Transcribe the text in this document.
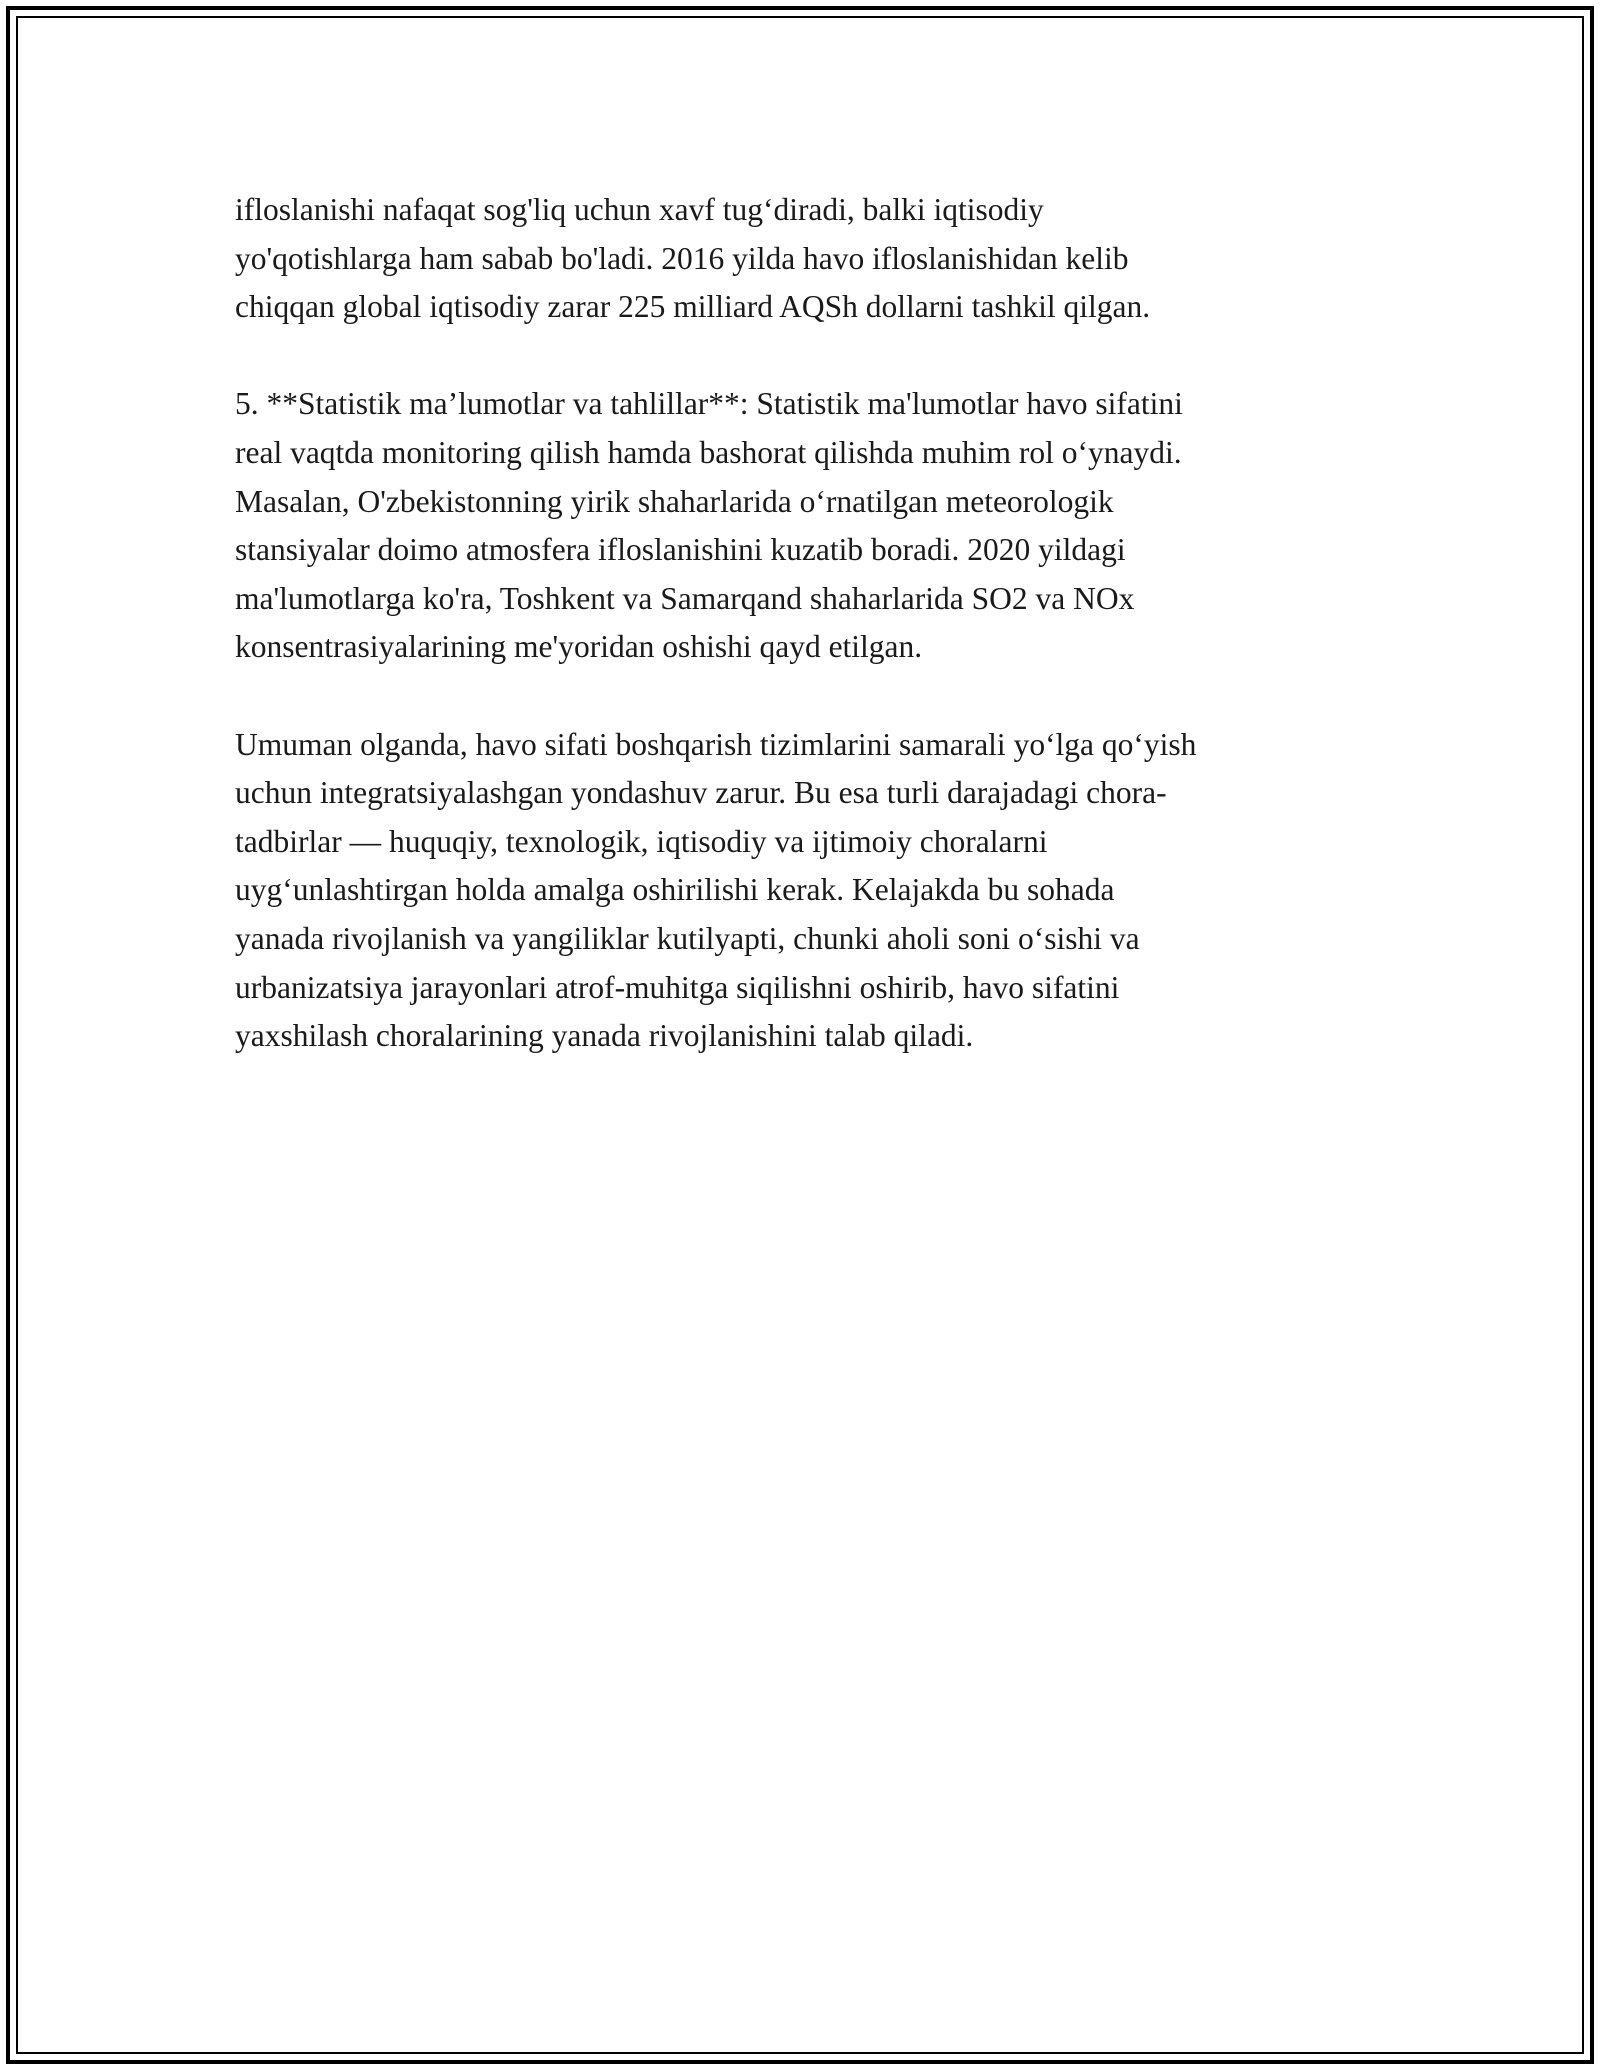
ifloslanishi nafaqat sog'liq uchun xavf tug‘diradi, balki iqtisodiy
yo'qotishlarga ham sabab bo'ladi. 2016 yilda havo ifloslanishidan kelib
chiqqan global iqtisodiy zarar 225 milliard AQSh dollarni tashkil qilgan.

5. **Statistik ma’lumotlar va tahlillar**: Statistik ma'lumotlar havo sifatini
real vaqtda monitoring qilish hamda bashorat qilishda muhim rol o‘ynaydi.
Masalan, O'zbekistonning yirik shaharlarida o‘rnatilgan meteorologik
stansiyalar doimo atmosfera ifloslanishini kuzatib boradi. 2020 yildagi
ma'lumotlarga ko'ra, Toshkent va Samarqand shaharlarida SO2 va NOx
konsentrasiyalarining me'yoridan oshishi qayd etilgan.

Umuman olganda, havo sifati boshqarish tizimlarini samarali yo‘lga qo‘yish
uchun integratsiyalashgan yondashuv zarur. Bu esa turli darajadagi chora-
tadbirlar — huquqiy, texnologik, iqtisodiy va ijtimoiy choralarni
uyg‘unlashtirgan holda amalga oshirilishi kerak. Kelajakda bu sohada
yanada rivojlanish va yangiliklar kutilyapti, chunki aholi soni o‘sishi va
urbanizatsiya jarayonlari atrof-muhitga siqilishni oshirib, havo sifatini
yaxshilash choralarining yanada rivojlanishini talab qiladi.
